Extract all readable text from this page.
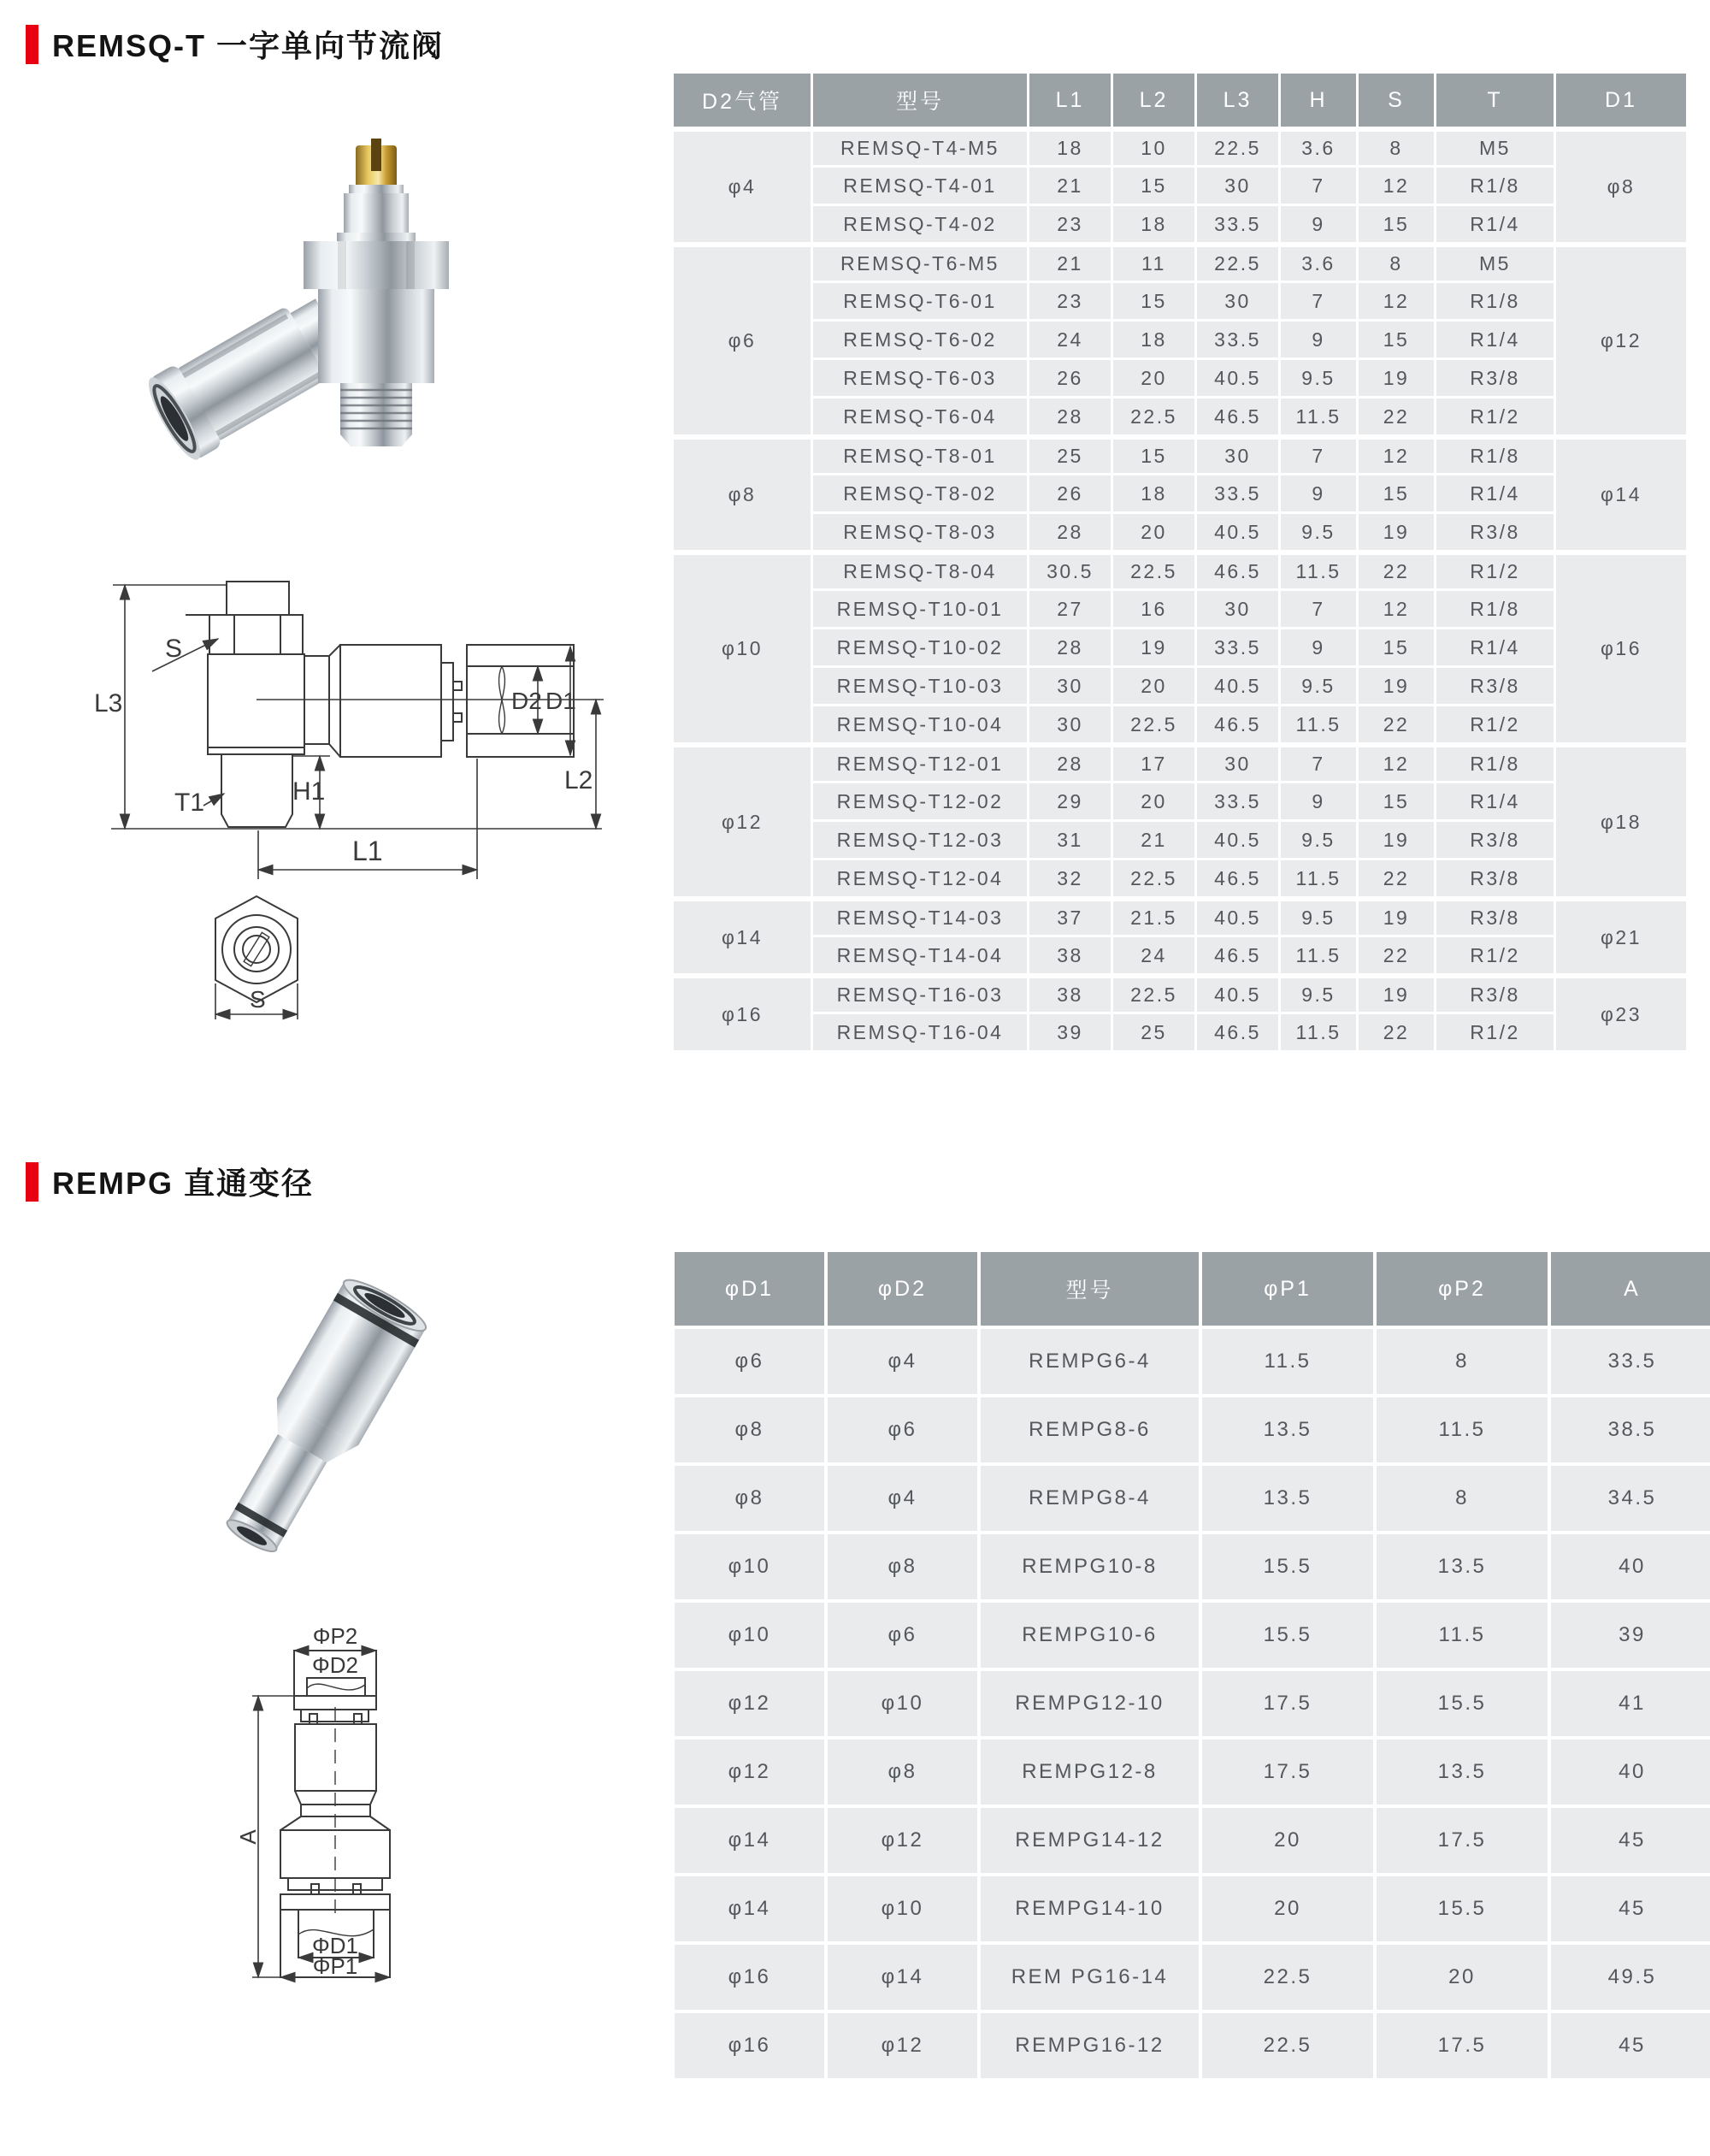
REMSQ-T 一字单向节流阀
L3
S
T1	H1
D2 D1
L2
L1
S
D2气管	型号	L1	L2	L3	H	S	T	D1
φ4	REMSQ-T4-M5	18	10	22.5	3.6	8	M5	φ8
	REMSQ-T4-01	21	15	30	7	12	R1/8	
	REMSQ-T4-02	23	18	33.5	9	15	R1/4	
φ6	REMSQ-T6-M5	21	11	22.5	3.6	8	M5	φ12
	REMSQ-T6-01	23	15	30	7	12	R1/8	
	REMSQ-T6-02	24	18	33.5	9	15	R1/4	
	REMSQ-T6-03	26	20	40.5	9.5	19	R3/8	
	REMSQ-T6-04	28	22.5	46.5	11.5	22	R1/2	
φ8	REMSQ-T8-01	25	15	30	7	12	R1/8	φ14
	REMSQ-T8-02	26	18	33.5	9	15	R1/4	
	REMSQ-T8-03	28	20	40.5	9.5	19	R3/8	
φ10	REMSQ-T8-04	30.5	22.5	46.5	11.5	22	R1/2	φ16
	REMSQ-T10-01	27	16	30	7	12	R1/8	
	REMSQ-T10-02	28	19	33.5	9	15	R1/4	
	REMSQ-T10-03	30	20	40.5	9.5	19	R3/8	
	REMSQ-T10-04	30	22.5	46.5	11.5	22	R1/2	
φ12	REMSQ-T12-01	28	17	30	7	12	R1/8	φ18
	REMSQ-T12-02	29	20	33.5	9	15	R1/4	
	REMSQ-T12-03	31	21	40.5	9.5	19	R3/8	
	REMSQ-T12-04	32	22.5	46.5	11.5	22	R3/8	
φ14	REMSQ-T14-03	37	21.5	40.5	9.5	19	R3/8	φ21
	REMSQ-T14-04	38	24	46.5	11.5	22	R1/2	
φ16	REMSQ-T16-03	38	22.5	40.5	9.5	19	R3/8	φ23
	REMSQ-T16-04	39	25	46.5	11.5	22	R1/2	
REMPG 直通变径
ΦP2
ΦD2
A
ΦD1
ΦP1
φD1	φD2	型号	φP1	φP2	A
φ6	φ4	REMPG6-4	11.5	8	33.5
φ8	φ6	REMPG8-6	13.5	11.5	38.5
φ8	φ4	REMPG8-4	13.5	8	34.5
φ10	φ8	REMPG10-8	15.5	13.5	40
φ10	φ6	REMPG10-6	15.5	11.5	39
φ12	φ10	REMPG12-10	17.5	15.5	41
φ12	φ8	REMPG12-8	17.5	13.5	40
φ14	φ12	REMPG14-12	20	17.5	45
φ14	φ10	REMPG14-10	20	15.5	45
φ16	φ14	REM PG16-14	22.5	20	49.5
φ16	φ12	REMPG16-12	22.5	17.5	45
